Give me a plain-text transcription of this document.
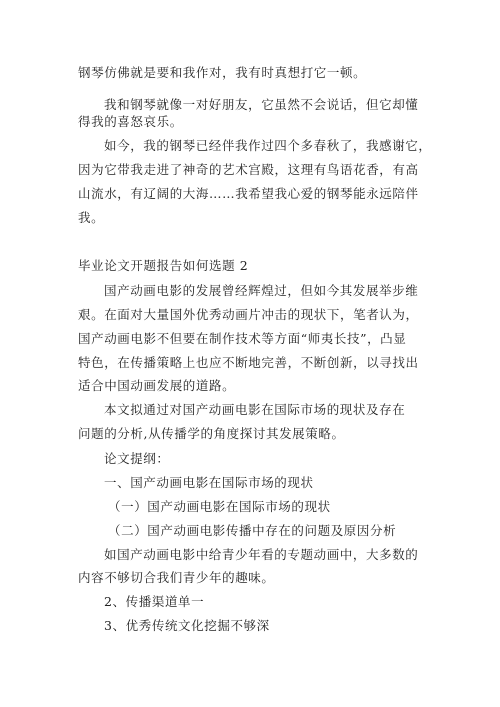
钢琴仿佛就是要和我作对，我有时真想打它一顿。
我和钢琴就像一对好朋友，它虽然不会说话，但它却懂
得我的喜怒哀乐。
如今，我的钢琴已经伴我作过四个多春秋了，我感谢它，
因为它带我走进了神奇的艺术宫殿，这理有鸟语花香，有高
山流水，有辽阔的大海……我希望我心爱的钢琴能永远陪伴
我。
毕业论文开题报告如何选题 2
国产动画电影的发展曾经辉煌过，但如今其发展举步维
艰。在面对大量国外优秀动画片冲击的现状下，笔者认为，
国产动画电影不但要在制作技术等方面“师夷长技”，凸显
特色，在传播策略上也应不断地完善，不断创新，以寻找出
适合中国动画发展的道路。
本文拟通过对国产动画电影在国际市场的现状及存在
问题的分析,从传播学的角度探讨其发展策略。
论文提纲：
一、国产动画电影在国际市场的现状
（一）国产动画电影在国际市场的现状
（二）国产动画电影传播中存在的问题及原因分析
如国产动画电影中给青少年看的专题动画中，大多数的
内容不够切合我们青少年的趣味。
2、传播渠道单一
3、优秀传统文化挖掘不够深
